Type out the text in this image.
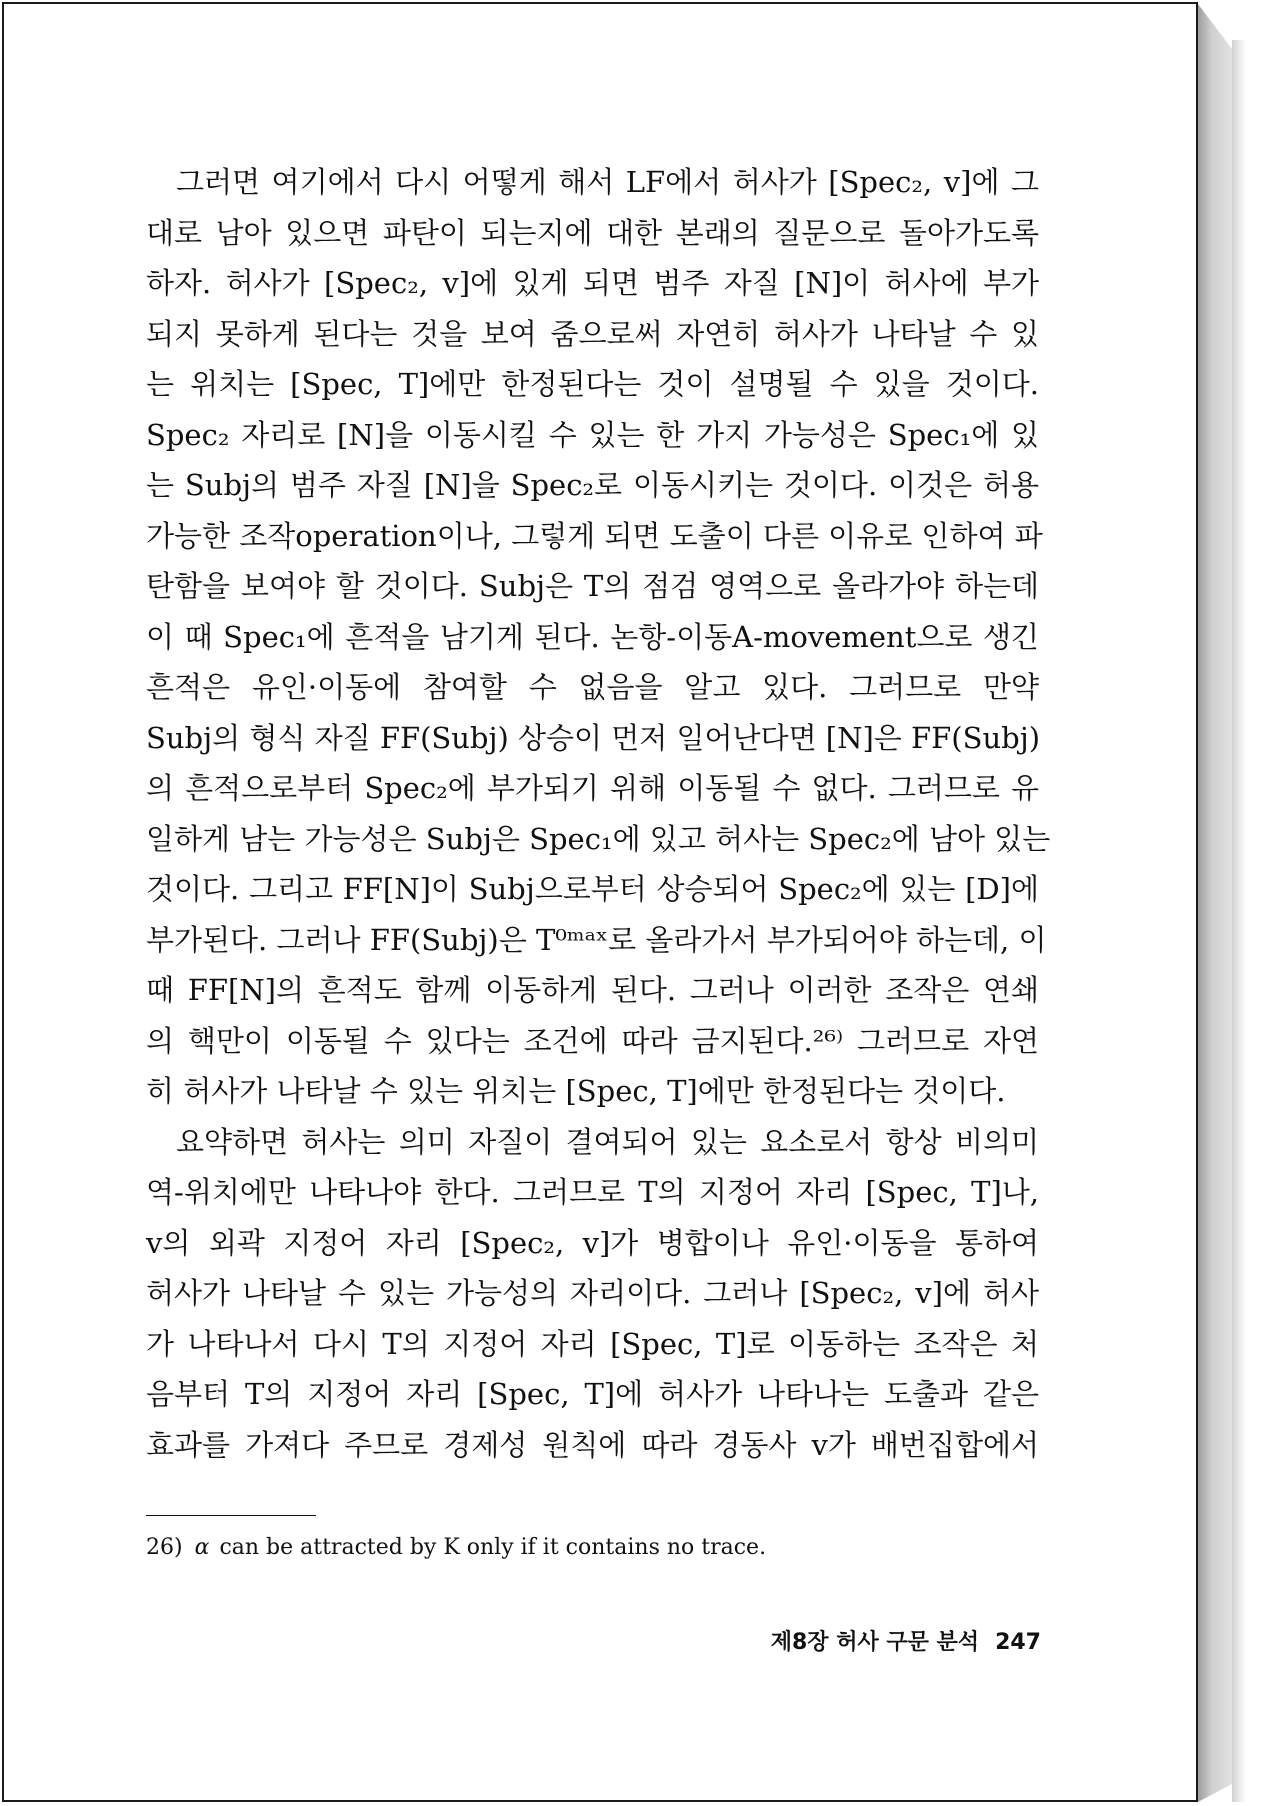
그러면 여기에서 다시 어떻게 해서 LF에서 허사가 [Spec₂, v]에 그
대로 남아 있으면 파탄이 되는지에 대한 본래의 질문으로 돌아가도록
하자. 허사가 [Spec₂, v]에 있게 되면 범주 자질 [N]이 허사에 부가
되지 못하게 된다는 것을 보여 줌으로써 자연히 허사가 나타날 수 있
는 위치는 [Spec, T]에만 한정된다는 것이 설명될 수 있을 것이다.
Spec₂ 자리로 [N]을 이동시킬 수 있는 한 가지 가능성은 Spec₁에 있
는 Subj의 범주 자질 [N]을 Spec₂로 이동시키는 것이다. 이것은 허용
가능한 조작operation이나, 그렇게 되면 도출이 다른 이유로 인하여 파
탄함을 보여야 할 것이다. Subj은 T의 점검 영역으로 올라가야 하는데
이 때 Spec₁에 흔적을 남기게 된다. 논항-이동A-movement으로 생긴
흔적은 유인·이동에 참여할 수 없음을 알고 있다. 그러므로 만약
Subj의 형식 자질 FF(Subj) 상승이 먼저 일어난다면 [N]은 FF(Subj)
의 흔적으로부터 Spec₂에 부가되기 위해 이동될 수 없다. 그러므로 유
일하게 남는 가능성은 Subj은 Spec₁에 있고 허사는 Spec₂에 남아 있는
것이다. 그리고 FF[N]이 Subj으로부터 상승되어 Spec₂에 있는 [D]에
부가된다. 그러나 FF(Subj)은 T⁰ᵐᵃˣ로 올라가서 부가되어야 하는데, 이
때 FF[N]의 흔적도 함께 이동하게 된다. 그러나 이러한 조작은 연쇄
의 핵만이 이동될 수 있다는 조건에 따라 금지된다.²⁶⁾ 그러므로 자연
히 허사가 나타날 수 있는 위치는 [Spec, T]에만 한정된다는 것이다.
요약하면 허사는 의미 자질이 결여되어 있는 요소로서 항상 비의미
역-위치에만 나타나야 한다. 그러므로 T의 지정어 자리 [Spec, T]나,
v의 외곽 지정어 자리 [Spec₂, v]가 병합이나 유인·이동을 통하여
허사가 나타날 수 있는 가능성의 자리이다. 그러나 [Spec₂, v]에 허사
가 나타나서 다시 T의 지정어 자리 [Spec, T]로 이동하는 조작은 처
음부터 T의 지정어 자리 [Spec, T]에 허사가 나타나는 도출과 같은
효과를 가져다 주므로 경제성 원칙에 따라 경동사 v가 배번집합에서
26) α can be attracted by K only if it contains no trace.
제8장 허사 구문 분석 247
